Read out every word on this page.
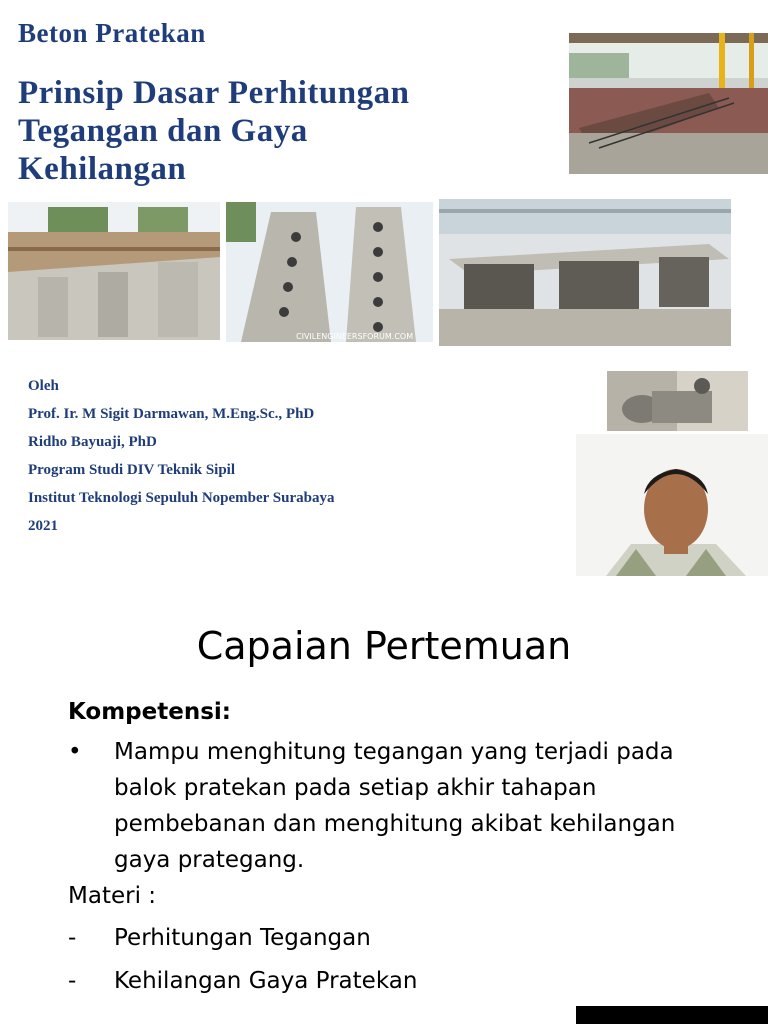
Beton Pratekan
Prinsip Dasar Perhitungan
Tegangan dan Gaya
Kehilangan
CIVILENGINEERSFORUM.COM
Oleh
Prof. Ir. M Sigit Darmawan, M.Eng.Sc., PhD
Ridho Bayuaji, PhD
Program Studi DIV Teknik Sipil
Institut Teknologi Sepuluh Nopember Surabaya
2021
Capaian Pertemuan
Kompetensi:
• Mampu menghitung tegangan yang terjadi pada balok pratekan pada setiap akhir tahapan pembebanan dan menghitung akibat kehilangan gaya prategang.
Materi :
- Perhitungan Tegangan
- Kehilangan Gaya Pratekan
